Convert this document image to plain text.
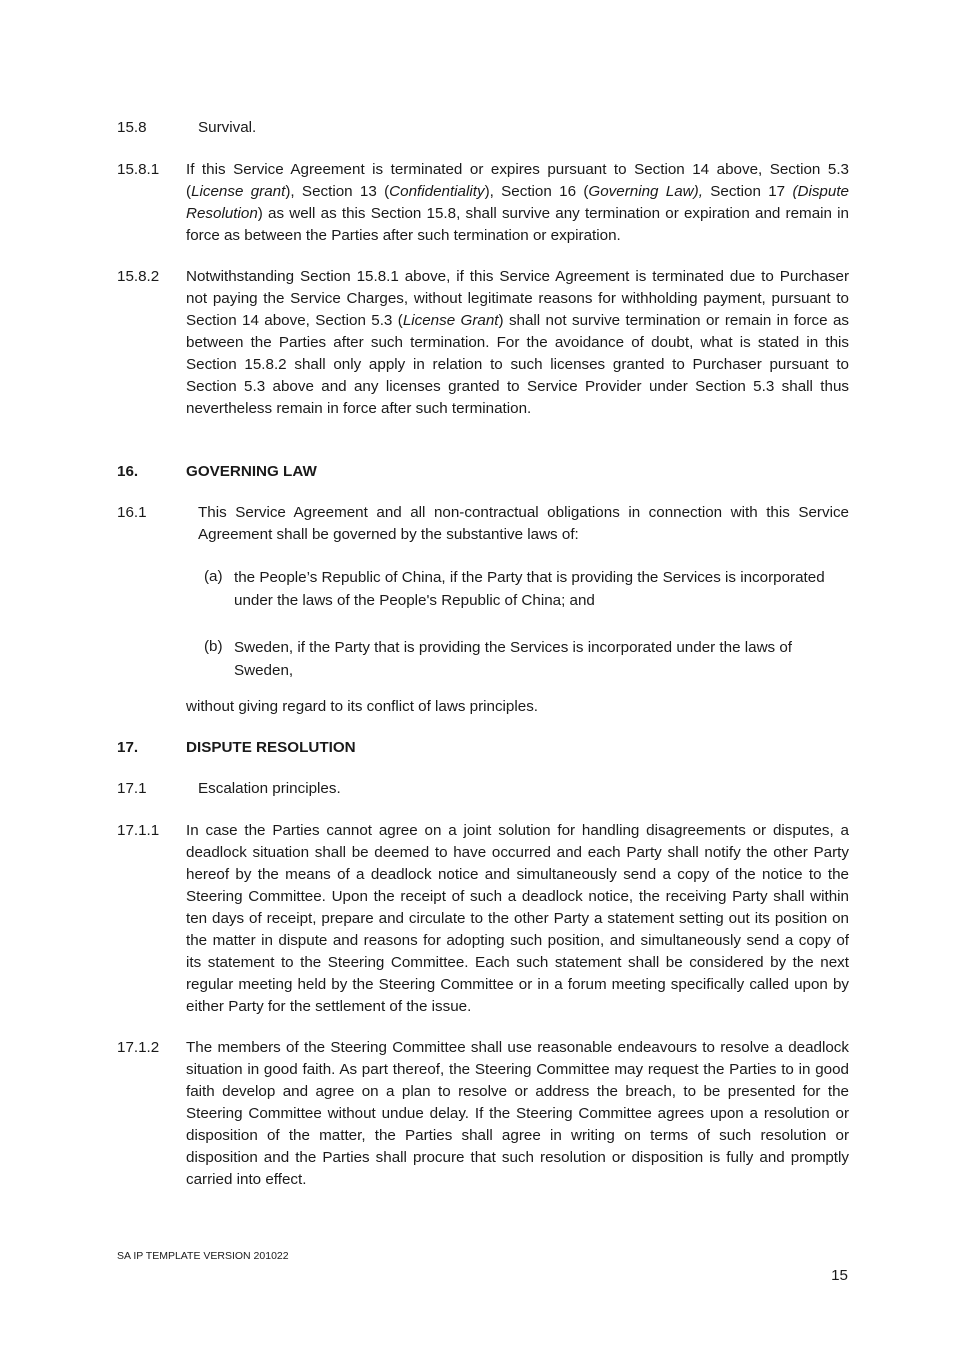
15.8	Survival.
15.8.1 If this Service Agreement is terminated or expires pursuant to Section 14 above, Section 5.3 (License grant), Section 13 (Confidentiality), Section 16 (Governing Law), Section 17 (Dispute Resolution) as well as this Section 15.8, shall survive any termination or expiration and remain in force as between the Parties after such termination or expiration.
15.8.2 Notwithstanding Section 15.8.1 above, if this Service Agreement is terminated due to Purchaser not paying the Service Charges, without legitimate reasons for withholding payment, pursuant to Section 14 above, Section 5.3 (License Grant) shall not survive termination or remain in force as between the Parties after such termination. For the avoidance of doubt, what is stated in this Section 15.8.2 shall only apply in relation to such licenses granted to Purchaser pursuant to Section 5.3 above and any licenses granted to Service Provider under Section 5.3 shall thus nevertheless remain in force after such termination.
16.	GOVERNING LAW
16.1	This Service Agreement and all non-contractual obligations in connection with this Service Agreement shall be governed by the substantive laws of:
(a) the People’s Republic of China, if the Party that is providing the Services is incorporated under the laws of the People's Republic of China; and
(b) Sweden, if the Party that is providing the Services is incorporated under the laws of Sweden,
without giving regard to its conflict of laws principles.
17.	DISPUTE RESOLUTION
17.1	Escalation principles.
17.1.1 In case the Parties cannot agree on a joint solution for handling disagreements or disputes, a deadlock situation shall be deemed to have occurred and each Party shall notify the other Party hereof by the means of a deadlock notice and simultaneously send a copy of the notice to the Steering Committee. Upon the receipt of such a deadlock notice, the receiving Party shall within ten days of receipt, prepare and circulate to the other Party a statement setting out its position on the matter in dispute and reasons for adopting such position, and simultaneously send a copy of its statement to the Steering Committee. Each such statement shall be considered by the next regular meeting held by the Steering Committee or in a forum meeting specifically called upon by either Party for the settlement of the issue.
17.1.2 The members of the Steering Committee shall use reasonable endeavours to resolve a deadlock situation in good faith. As part thereof, the Steering Committee may request the Parties to in good faith develop and agree on a plan to resolve or address the breach, to be presented for the Steering Committee without undue delay. If the Steering Committee agrees upon a resolution or disposition of the matter, the Parties shall agree in writing on terms of such resolution or disposition and the Parties shall procure that such resolution or disposition is fully and promptly carried into effect.
SA IP TEMPLATE VERSION 201022
15
